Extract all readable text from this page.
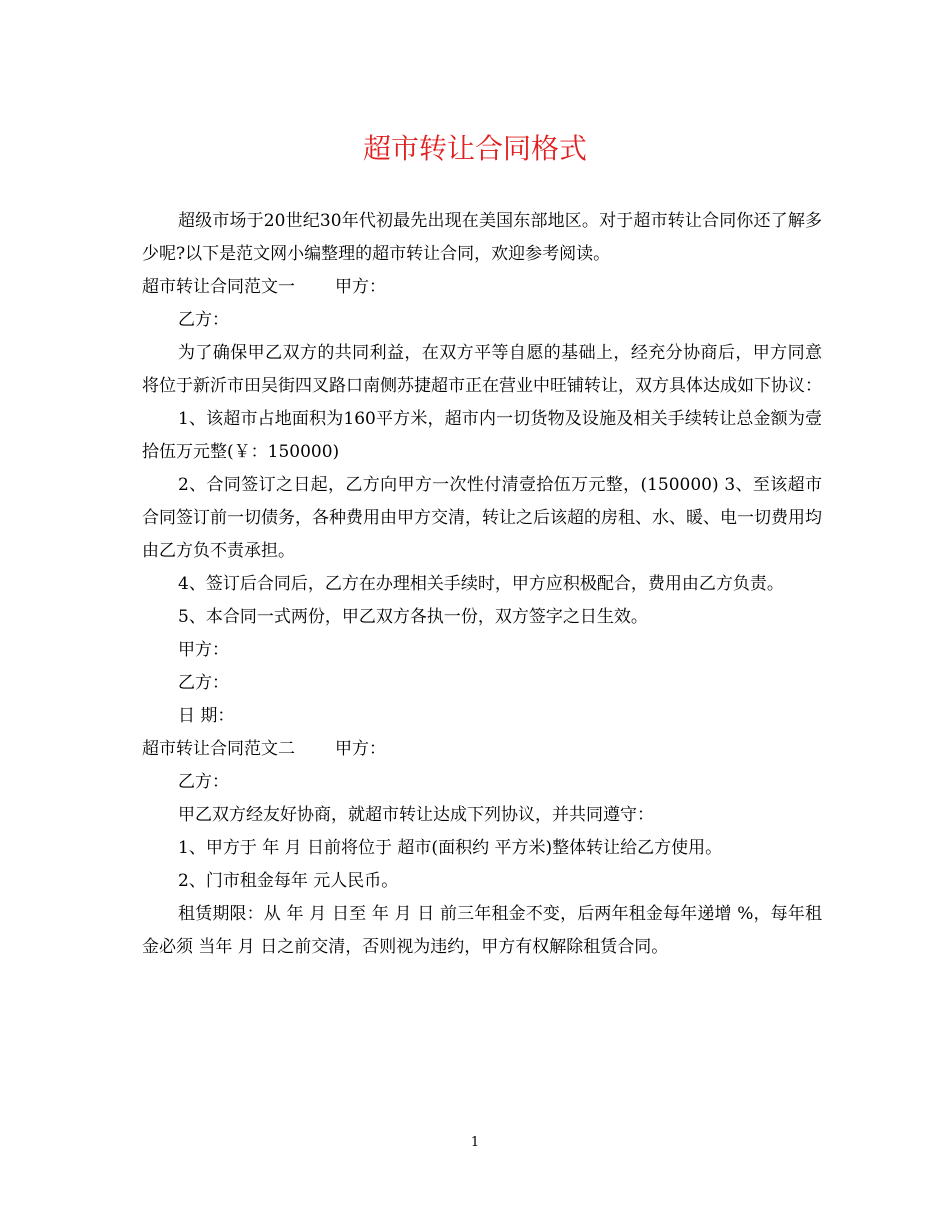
超市转让合同格式

超级市场于20世纪30年代初最先出现在美国东部地区。对于超市转让合同你还了解多少呢?以下是范文网小编整理的超市转让合同，欢迎参考阅读。

超市转让合同范文一 甲方：

乙方：

为了确保甲乙双方的共同利益，在双方平等自愿的基础上，经充分协商后，甲方同意将位于新沂市田吴街四叉路口南侧苏捷超市正在营业中旺铺转让，双方具体达成如下协议：

1、该超市占地面积为160平方米，超市内一切货物及设施及相关手续转让总金额为壹拾伍万元整(￥：150000)

2、合同签订之日起，乙方向甲方一次性付清壹拾伍万元整，(150000) 3、至该超市合同签订前一切债务，各种费用由甲方交清，转让之后该超的房租、水、暖、电一切费用均由乙方负不责承担。

4、签订后合同后，乙方在办理相关手续时，甲方应积极配合，费用由乙方负责。

5、本合同一式两份，甲乙双方各执一份，双方签字之日生效。

甲方：

乙方：

日 期：

超市转让合同范文二 甲方：

乙方：

甲乙双方经友好协商，就超市转让达成下列协议，并共同遵守：

1、甲方于 年 月 日前将位于 超市(面积约 平方米)整体转让给乙方使用。

2、门市租金每年 元人民币。

租赁期限：从 年 月 日至 年 月 日 前三年租金不变，后两年租金每年递增 %，每年租金必须 当年 月 日之前交清，否则视为违约，甲方有权解除租赁合同。

1
